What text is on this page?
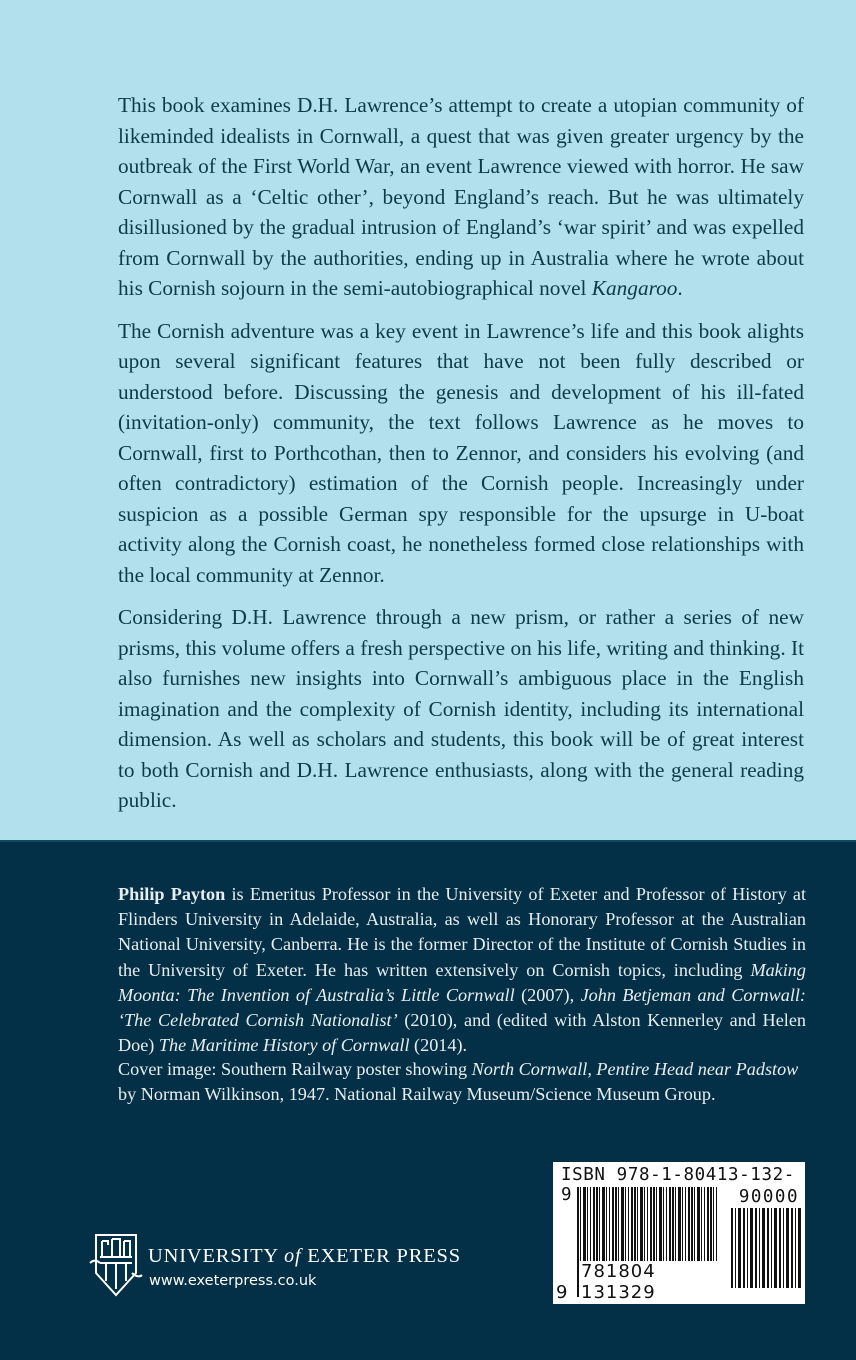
This book examines D.H. Lawrence’s attempt to create a utopian community of likeminded idealists in Cornwall, a quest that was given greater urgency by the outbreak of the First World War, an event Lawrence viewed with horror. He saw Cornwall as a ‘Celtic other’, beyond England’s reach. But he was ultimately disillusioned by the gradual intrusion of England’s ‘war spirit’ and was expelled from Cornwall by the authorities, ending up in Australia where he wrote about his Cornish sojourn in the semi-autobiographical novel Kangaroo.

The Cornish adventure was a key event in Lawrence’s life and this book alights upon several significant features that have not been fully described or understood before. Discussing the genesis and development of his ill-fated (invitation-only) community, the text follows Lawrence as he moves to Cornwall, first to Porthcothan, then to Zennor, and considers his evolving (and often contradictory) estimation of the Cornish people. Increasingly under suspicion as a possible German spy responsible for the upsurge in U-boat activity along the Cornish coast, he nonetheless formed close relationships with the local community at Zennor.

Considering D.H. Lawrence through a new prism, or rather a series of new prisms, this volume offers a fresh perspective on his life, writing and thinking. It also furnishes new insights into Cornwall’s ambiguous place in the English imagination and the complexity of Cornish identity, including its international dimension. As well as scholars and students, this book will be of great interest to both Cornish and D.H. Lawrence enthusiasts, along with the general reading public.

Philip Payton is Emeritus Professor in the University of Exeter and Professor of History at Flinders University in Adelaide, Australia, as well as Honorary Professor at the Australian National University, Canberra. He is the former Director of the Institute of Cornish Studies in the University of Exeter. He has written extensively on Cornish topics, including Making Moonta: The Invention of Australia’s Little Cornwall (2007), John Betjeman and Cornwall: ‘The Celebrated Cornish Nationalist’ (2010), and (edited with Alston Kennerley and Helen Doe) The Maritime History of Cornwall (2014).

Cover image: Southern Railway poster showing North Cornwall, Pentire Head near Padstow by Norman Wilkinson, 1947. National Railway Museum/Science Museum Group.

ISBN 978-1-80413-132-9	90000
9
781804 131329
UNIVERSITY of EXETER PRESS
www.exeterpress.co.uk
